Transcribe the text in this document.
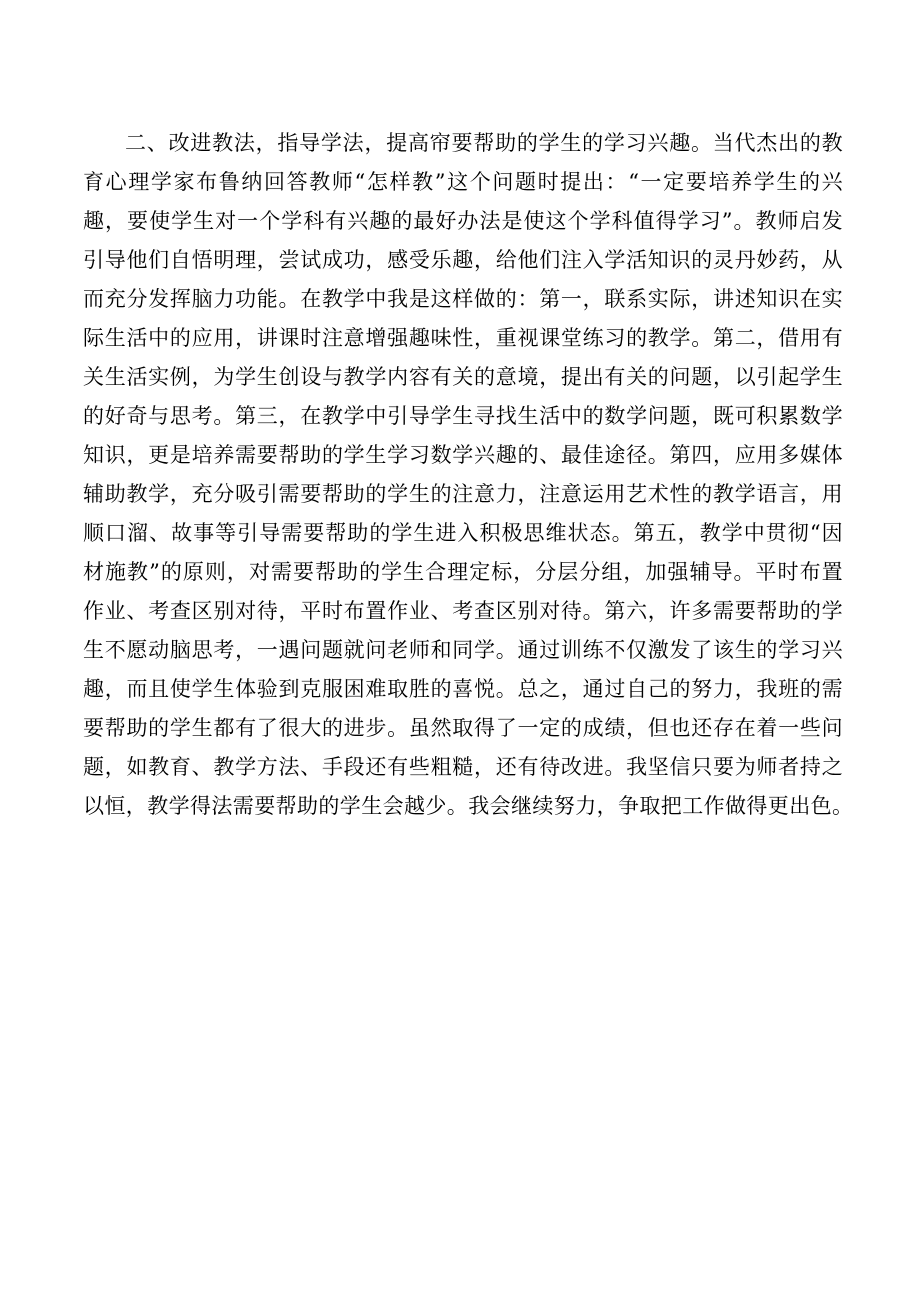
二、改进教法，指导学法，提高帘要帮助的学生的学习兴趣。当代杰出的教
育心理学家布鲁纳回答教师“怎样教”这个问题时提出：“一定要培养学生的兴
趣，要使学生对一个学科有兴趣的最好办法是使这个学科值得学习”。教师启发
引导他们自悟明理，尝试成功，感受乐趣，给他们注入学活知识的灵丹妙药，从
而充分发挥脑力功能。在教学中我是这样做的：第一，联系实际，讲述知识在实
际生活中的应用，讲课时注意增强趣味性，重视课堂练习的教学。第二，借用有
关生活实例，为学生创设与教学内容有关的意境，提出有关的问题，以引起学生
的好奇与思考。第三，在教学中引导学生寻找生活中的数学问题，既可积累数学
知识，更是培养需要帮助的学生学习数学兴趣的、最佳途径。第四，应用多媒体
辅助教学，充分吸引需要帮助的学生的注意力，注意运用艺术性的教学语言，用
顺口溜、故事等引导需要帮助的学生进入积极思维状态。第五，教学中贯彻“因
材施教”的原则，对需要帮助的学生合理定标，分层分组，加强辅导。平时布置
作业、考查区别对待，平时布置作业、考查区别对待。第六，许多需要帮助的学
生不愿动脑思考，一遇问题就问老师和同学。通过训练不仅激发了该生的学习兴
趣，而且使学生体验到克服困难取胜的喜悦。总之，通过自己的努力，我班的需
要帮助的学生都有了很大的进步。虽然取得了一定的成绩，但也还存在着一些问
题，如教育、教学方法、手段还有些粗糙，还有待改进。我坚信只要为师者持之
以恒，教学得法需要帮助的学生会越少。我会继续努力，争取把工作做得更出色。
